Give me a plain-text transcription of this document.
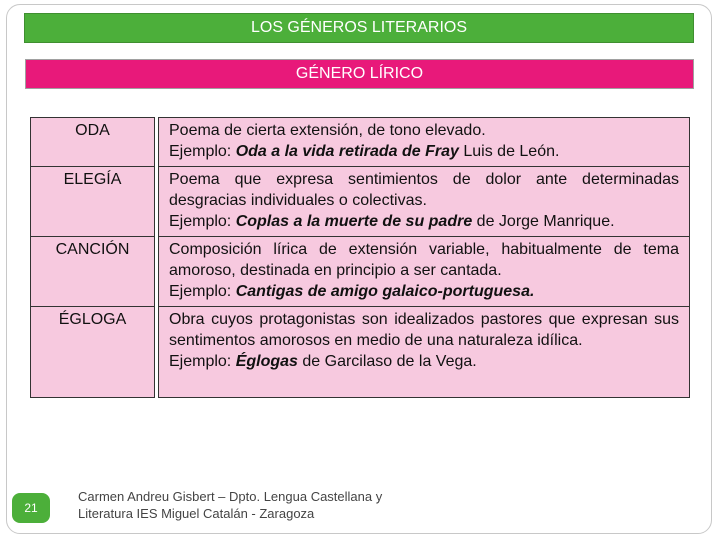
LOS GÉNEROS LITERARIOS
GÉNERO LÍRICO
ODA		Poema de cierta extensión, de tono elevado.
Ejemplo: Oda a la vida retirada de Fray Luis de León.

ELEGÍA		Poema que expresa sentimientos de dolor ante determinadas desgracias individuales o colectivas.
Ejemplo: Coplas a la muerte de su padre de Jorge Manrique.

CANCIÓN		Composición lírica de extensión variable, habitualmente de tema amoroso, destinada en principio a ser cantada.
Ejemplo: Cantigas de amigo galaico-portuguesa.

ÉGLOGA		Obra cuyos protagonistas son idealizados pastores que expresan sus sentimentos amorosos en medio de una naturaleza idílica.
Ejemplo: Églogas de Garcilaso de la Vega.
21
Carmen Andreu Gisbert – Dpto. Lengua Castellana y
Literatura IES Miguel Catalán - Zaragoza
